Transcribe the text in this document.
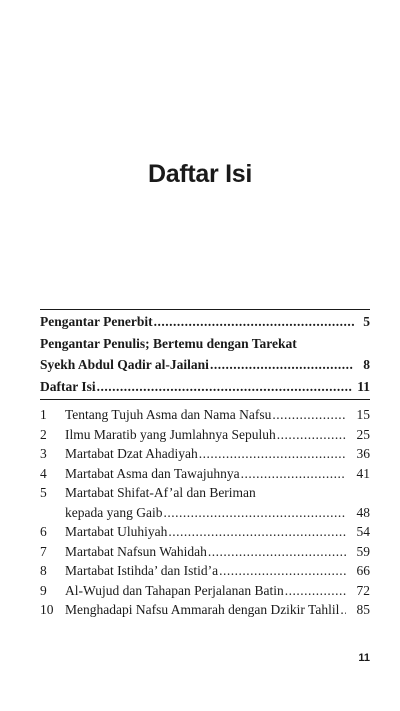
Daftar Isi
Pengantar Penerbit .....	5
Pengantar Penulis; Bertemu dengan Tarekat
Syekh Abdul Qadir al-Jailani .....	8
Daftar Isi .....	11
1	Tentang Tujuh Asma dan Nama Nafsu .....	15
2	Ilmu Maratib yang Jumlahnya Sepuluh .....	25
3	Martabat Dzat Ahadiyah .....	36
4	Martabat Asma dan Tawajuhnya .....	41
5	Martabat Shifat-Af’al dan Beriman
kepada yang Gaib .....	48
6	Martabat Uluhiyah .....	54
7	Martabat Nafsun Wahidah .....	59
8	Martabat Istihda’ dan Istid’a .....	66
9	Al-Wujud dan Tahapan Perjalanan Batin .....	72
10 Menghadapi Nafsu Ammarah dengan Dzikir Tahlil .....	85
11
